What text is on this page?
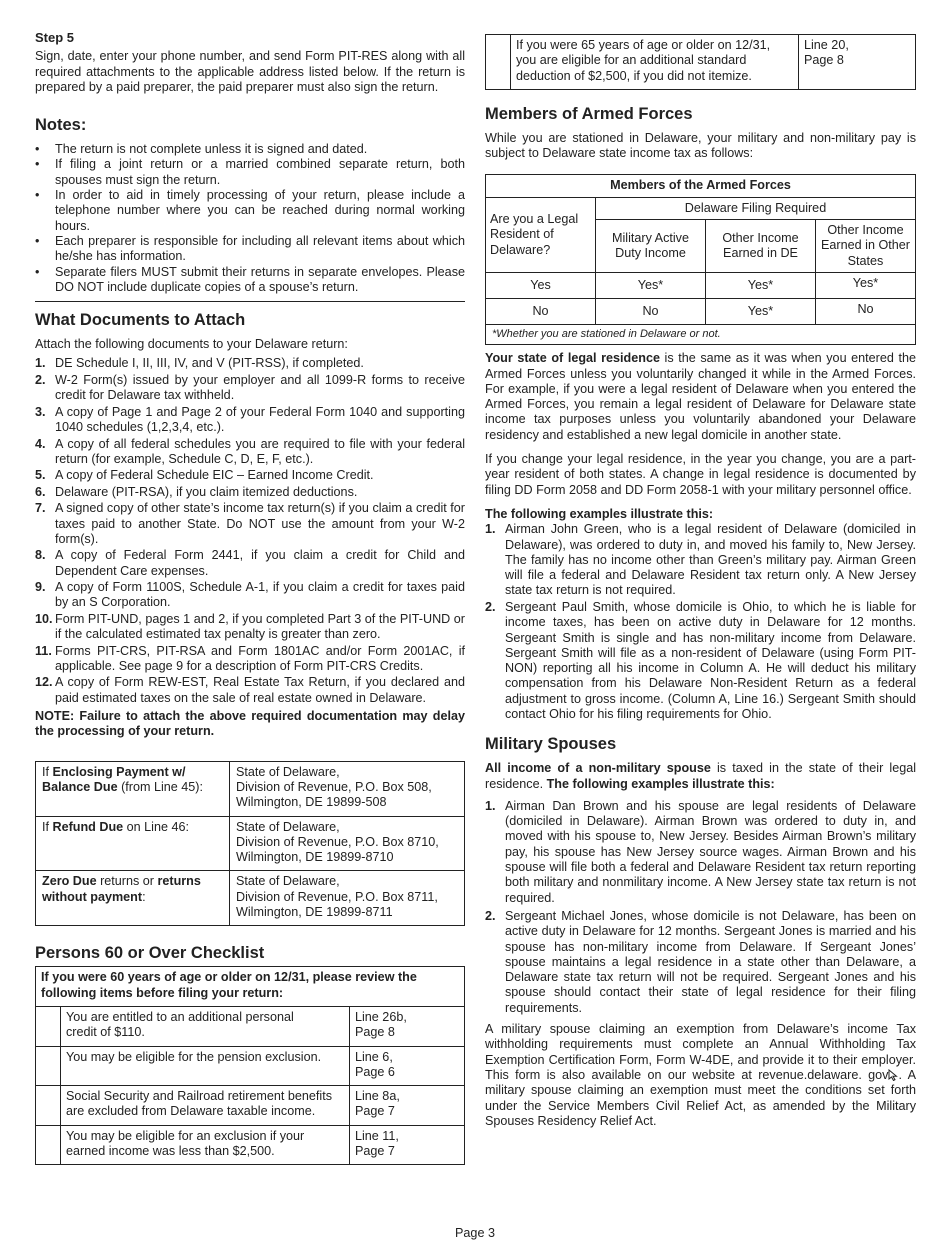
Step 5

Sign, date, enter your phone number, and send Form PIT-RES along with all required attachments to the applicable address listed below. If the return is prepared by a paid preparer, the paid preparer must also sign the return.

Notes:
• The return is not complete unless it is signed and dated.
• If filing a joint return or a married combined separate return, both spouses must sign the return.
• In order to aid in timely processing of your return, please include a telephone number where you can be reached during normal working hours.
• Each preparer is responsible for including all relevant items about which he/she has information.
• Separate filers MUST submit their returns in separate envelopes. Please DO NOT include duplicate copies of a spouse’s return.
What Documents to Attach

Attach the following documents to your Delaware return:

1. DE Schedule I, II, III, IV, and V (PIT-RSS), if completed.
2. W-2 Form(s) issued by your employer and all 1099-R forms to receive credit for Delaware tax withheld.
3. A copy of Page 1 and Page 2 of your Federal Form 1040 and supporting 1040 schedules (1,2,3,4, etc.).
4. A copy of all federal schedules you are required to file with your federal return (for example, Schedule C, D, E, F, etc.).
5. A copy of Federal Schedule EIC – Earned Income Credit.
6. Delaware (PIT-RSA), if you claim itemized deductions.
7. A signed copy of other state’s income tax return(s) if you claim a credit for taxes paid to another State. Do NOT use the amount from your W-2 form(s).
8. A copy of Federal Form 2441, if you claim a credit for Child and Dependent Care expenses.
9. A copy of Form 1100S, Schedule A-1, if you claim a credit for taxes paid by an S Corporation.
10. Form PIT-UND, pages 1 and 2, if you completed Part 3 of the PIT-UND or if the calculated estimated tax penalty is greater than zero.
11. Forms PIT-CRS, PIT-RSA and Form 1801AC and/or Form 2001AC, if applicable. See page 9 for a description of Form PIT-CRS Credits.
12. A copy of Form REW-EST, Real Estate Tax Return, if you declared and paid estimated taxes on the sale of real estate owned in Delaware.

NOTE: Failure to attach the above required documentation may delay the processing of your return.

If Enclosing Payment w/ Balance Due (from Line 45):	State of Delaware,
Division of Revenue, P.O. Box 508,
Wilmington, DE 19899-508
If Refund Due on Line 46:	State of Delaware,
Division of Revenue, P.O. Box 8710,
Wilmington, DE 19899-8710
Zero Due returns or returns without payment:	State of Delaware,
Division of Revenue, P.O. Box 8711,
Wilmington, DE 19899-8711
Persons 60 or Over Checklist
If you were 60 years of age or older on 12/31, please review the following items before filing your return:		
	You are entitled to an additional personal credit of $110.	Line 26b,
Page 8
	You may be eligible for the pension exclusion.	Line 6,
Page 6
	Social Security and Railroad retirement benefits are excluded from Delaware taxable income.	Line 8a,
Page 7
	You may be eligible for an exclusion if your earned income was less than $2,500.	Line 11,
Page 7
	If you were 65 years of age or older on 12/31, you are eligible for an additional standard deduction of $2,500, if you did not itemize.	Line 20,
Page 8
Members of Armed Forces

While you are stationed in Delaware, your military and non-military pay is subject to Delaware state income tax as follows:

Members of the Armed Forces			
Are you a Legal Resident of Delaware?	Delaware Filing Required		
	Military Active Duty Income	Other Income Earned in DE	Other Income Earned in Other States
Yes	Yes*	Yes*	Yes*
No	No	Yes*	No
*Whether you are stationed in Delaware or not.			

Your state of legal residence is the same as it was when you entered the Armed Forces unless you voluntarily changed it while in the Armed Forces. For example, if you were a legal resident of Delaware when you entered the Armed Forces, you remain a legal resident of Delaware for Delaware state income tax purposes unless you voluntarily abandoned your Delaware residency and established a new legal domicile in another state.

If you change your legal residence, in the year you change, you are a part-year resident of both states. A change in legal residence is documented by filing DD Form 2058 and DD Form 2058-1 with your military personnel office.

The following examples illustrate this:

1. Airman John Green, who is a legal resident of Delaware (domiciled in Delaware), was ordered to duty in, and moved his family to, New Jersey. The family has no income other than Green’s military pay. Airman Green will file a federal and Delaware Resident tax return only. A New Jersey state tax return is not required.
2. Sergeant Paul Smith, whose domicile is Ohio, to which he is liable for income taxes, has been on active duty in Delaware for 12 months. Sergeant Smith is single and has non-military income from Delaware. Sergeant Smith will file as a non-resident of Delaware (using Form PIT-NON) reporting all his income in Column A. He will deduct his military compensation from his Delaware Non-Resident Return as a federal adjustment to gross income. (Column A, Line 16.) Sergeant Smith should contact Ohio for his filing requirements for Ohio.
Military Spouses

All income of a non-military spouse is taxed in the state of their legal residence. The following examples illustrate this:

1. Airman Dan Brown and his spouse are legal residents of Delaware (domiciled in Delaware). Airman Brown was ordered to duty in, and moved with his spouse to, New Jersey. Besides Airman Brown’s military pay, his spouse has New Jersey source wages. Airman Brown and his spouse will file both a federal and Delaware Resident tax return reporting both military and nonmilitary income. A New Jersey state tax return is not required.
2. Sergeant Michael Jones, whose domicile is not Delaware, has been on active duty in Delaware for 12 months. Sergeant Jones is married and his spouse has non-military income from Delaware. If Sergeant Jones’ spouse maintains a legal residence in a state other than Delaware, a Delaware state tax return will not be required. Sergeant Jones and his spouse should contact their state of legal residence for their filing requirements.

A military spouse claiming an exemption from Delaware’s income Tax withholding requirements must complete an Annual Withholding Tax Exemption Certification Form, Form W-4DE, and provide it to their employer. This form is also available on our website at revenue.delaware. gov . A military spouse claiming an exemption must meet the conditions set forth under the Service Members Civil Relief Act, as amended by the Military Spouses Residency Relief Act.

Page 3
